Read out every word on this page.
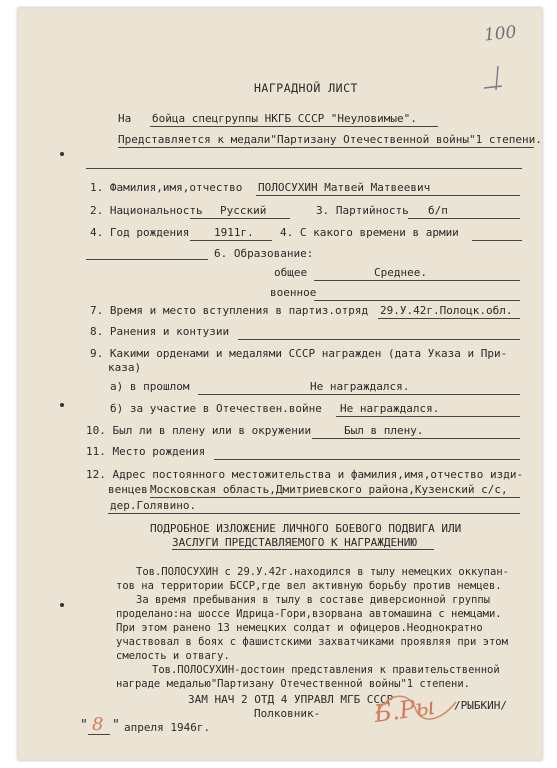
100
НАГРАДНОЙ ЛИСТ
На бойца спецгруппы НКГБ СССР "Неуловимые".
Представляется к медали"Партизану Отечественной войны"1 степени.
1. Фамилия,имя,отчество ПОЛОСУХИН Матвей Матвеевич
2. Национальность Русский	3. Партийность б/п
4. Год рождения 1911г. 4. С какого времени в армии
6. Образование:
общее	Среднее.
военное
7. Время и место вступления в партиз.отряд 29.У.42г.Полоцк.обл.
8. Ранения и контузии
9. Какими орденами и медалями СССР награжден (дата Указа и При-
каза)
а) в прошлом	Не награждался.
б) за участие в Отечествен.войне Не награждался.
10. Был ли в плену или в окружении	Был в плену.
11. Место рождения
12. Адрес постоянного местожительства и фамилия,имя,отчество изди-
венцев Московская область,Дмитриевского района,Кузенский с/с,
дер.Голявино.
ПОДРОБНОЕ ИЗЛОЖЕНИЕ ЛИЧНОГО БОЕВОГО ПОДВИГА ИЛИ
ЗАСЛУГИ ПРЕДСТАВЛЯЕМОГО К НАГРАЖДЕНИЮ
Тов.ПОЛОСУХИН с 29.У.42г.находился в тылу немецких оккупан-
тов на территории БССР,где вел активную борьбу против немцев.
За время пребывания в тылу в составе диверсионной группы
проделано:на шоссе Идрица-Гори,взорвана автомашина с немцами.
При этом ранено 13 немецких солдат и офицеров.Неоднократно
участвовал в боях с фашистскими захватчиками проявляя при этом
смелость и отвагу.
Тов.ПОЛОСУХИН-достоин представления к правительственной
награде медалью"Партизану Отечественной войны"1 степени.
ЗАМ НАЧ 2 ОТД 4 УПРАВЛ МГБ СССР
Полковник-
/РЫБКИН/
Б.Ры
" 8 " апреля 1946г.
